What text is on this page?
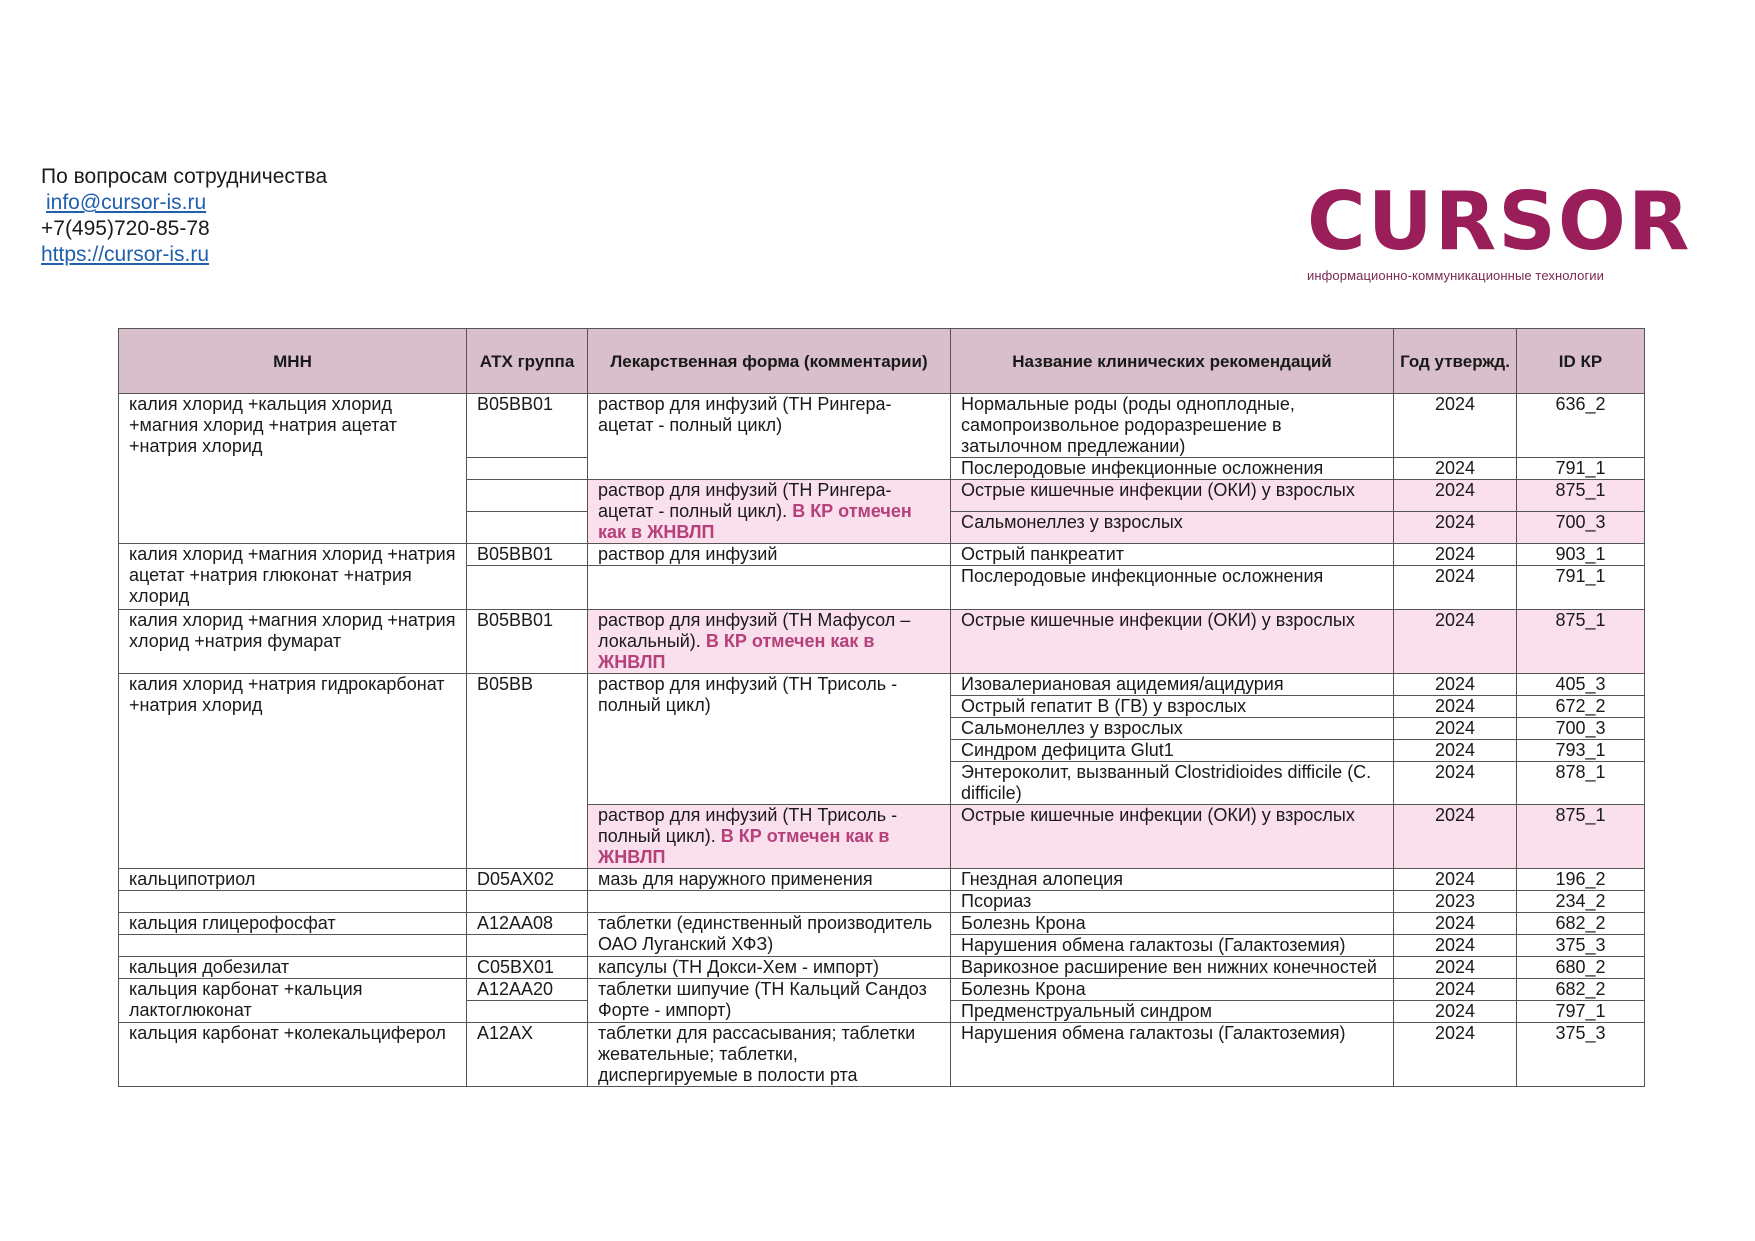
По вопросам сотрудничества
info@cursor-is.ru
+7(495)720-85-78
https://cursor-is.ru	CURSOR
информационно-коммуникационные технологии
МНН	АТХ группа	Лекарственная форма (комментарии)	Название клинических рекомендаций	Год утвержд.	ID КР
калия хлорид +кальция хлорид +магния хлорид +натрия ацетат +натрия хлорид	B05BB01	раствор для инфузий (ТН Рингера-ацетат - полный цикл)	Нормальные роды (роды одноплодные, самопроизвольное родоразрешение в затылочном предлежании)	2024	636_2
			Послеродовые инфекционные осложнения	2024	791_1
		раствор для инфузий (ТН Рингера-ацетат - полный цикл). В КР отмечен как в ЖНВЛП	Острые кишечные инфекции (ОКИ) у взрослых	2024	875_1
			Сальмонеллез у взрослых	2024	700_3
калия хлорид +магния хлорид +натрия ацетат +натрия глюконат +натрия хлорид	B05BB01	раствор для инфузий	Острый панкреатит	2024	903_1
			Послеродовые инфекционные осложнения	2024	791_1
калия хлорид +магния хлорид +натрия хлорид +натрия фумарат	B05BB01	раствор для инфузий (ТН Мафусол – локальный). В КР отмечен как в ЖНВЛП	Острые кишечные инфекции (ОКИ) у взрослых	2024	875_1
калия хлорид +натрия гидрокарбонат +натрия хлорид	B05BB	раствор для инфузий (ТН Трисоль - полный цикл)	Изовалериановая ацидемия/ацидурия	2024	405_3
			Острый гепатит В (ГВ) у взрослых	2024	672_2
			Сальмонеллез у взрослых	2024	700_3
			Синдром дефицита Glut1	2024	793_1
			Энтероколит, вызванный Clostridioides difficile (C. difficile)	2024	878_1
		раствор для инфузий (ТН Трисоль - полный цикл). В КР отмечен как в ЖНВЛП	Острые кишечные инфекции (ОКИ) у взрослых	2024	875_1
кальципотриол	D05AX02	мазь для наружного применения	Гнездная алопеция	2024	196_2
			Псориаз	2023	234_2
кальция глицерофосфат	A12AA08	таблетки (единственный производитель ОАО Луганский ХФЗ)	Болезнь Крона	2024	682_2
			Нарушения обмена галактозы (Галактоземия)	2024	375_3
кальция добезилат	C05BX01	капсулы (ТН Докси-Хем - импорт)	Варикозное расширение вен нижних конечностей	2024	680_2
кальция карбонат +кальция лактоглюконат	A12AA20	таблетки шипучие (ТН Кальций Сандоз Форте - импорт)	Болезнь Крона	2024	682_2
			Предменструальный синдром	2024	797_1
кальция карбонат +колекальциферол	A12AX	таблетки для рассасывания; таблетки жевательные; таблетки, диспергируемые в полости рта	Нарушения обмена галактозы (Галактоземия)	2024	375_3
